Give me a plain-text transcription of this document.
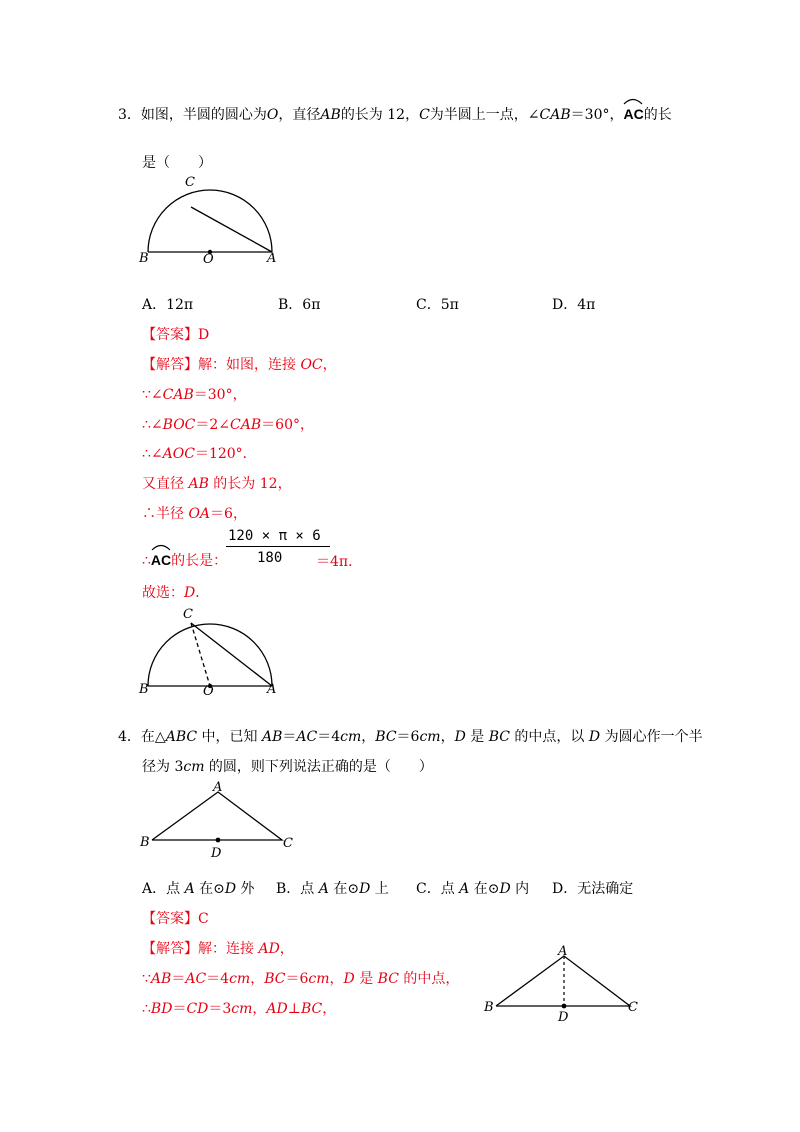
3．如图，半圆的圆心为O，直径AB的长为 12，C为半圆上一点，∠CAB＝30°，
AC的长
是（　　）
C
B	O	A
A．12π	B．6π	C．5π	D．4π
【答案】D
【解答】解：如图，连接 OC，
∵∠CAB＝30°，
∴∠BOC＝2∠CAB＝60°，
∴∠AOC＝120°．
又直径 AB 的长为 12，
∴半径 OA＝6，
∴
AC的长是：
120 × π × 6
180 ＝4π．
故选：D．
C
B	O	A
4．在△ABC 中，已知 AB＝AC＝4cm，BC＝6cm，D 是 BC 的中点，以 D 为圆心作一个半
径为 3cm 的圆，则下列说法正确的是（　　）
A
B	C
D
A．点 A 在⊙D 外 B．点 A 在⊙D 上 C．点 A 在⊙D 内 D．无法确定
【答案】C
【解答】解：连接 AD，
∵AB＝AC＝4cm，BC＝6cm，D 是 BC 的中点，
∴BD＝CD＝3cm，AD⊥BC，
A
B	C
D
